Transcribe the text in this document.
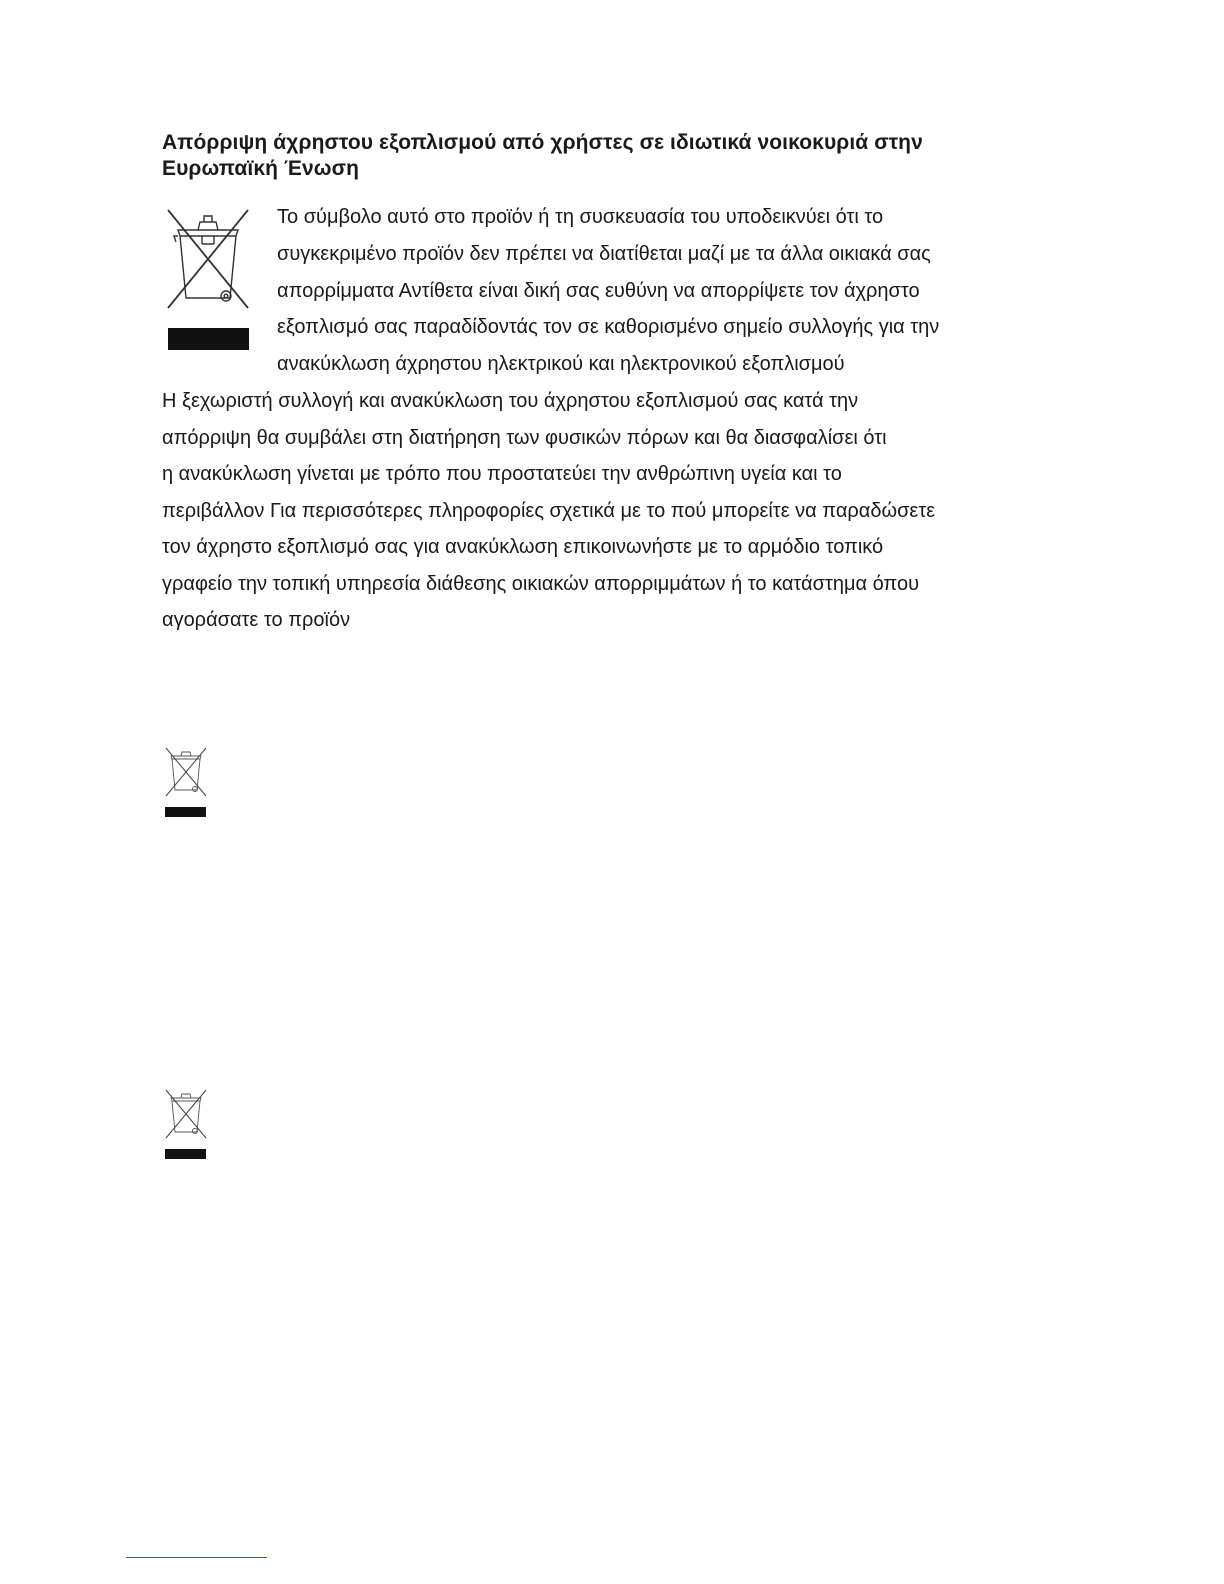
Απόρριψη άχρηστου εξοπλισμού από χρήστες σε ιδιωτικά νοικοκυριά στην
Ευρωπαϊκή Ένωση
Το σύμβολο αυτό στο προϊόν ή τη συσκευασία του υποδεικνύει ότι το
συγκεκριμένο προϊόν δεν πρέπει να διατίθεται μαζί με τα άλλα οικιακά σας
απορρίμματα Αντίθετα είναι δική σας ευθύνη να απορρίψετε τον άχρηστο
εξοπλισμό σας παραδίδοντάς τον σε καθορισμένο σημείο συλλογής για την
ανακύκλωση άχρηστου ηλεκτρικού και ηλεκτρονικού εξοπλισμού
Η ξεχωριστή συλλογή και ανακύκλωση του άχρηστου εξοπλισμού σας κατά την
απόρριψη θα συμβάλει στη διατήρηση των φυσικών πόρων και θα διασφαλίσει ότι
η ανακύκλωση γίνεται με τρόπο που προστατεύει την ανθρώπινη υγεία και το
περιβάλλον Για περισσότερες πληροφορίες σχετικά με το πού μπορείτε να παραδώσετε
τον άχρηστο εξοπλισμό σας για ανακύκλωση επικοινωνήστε με το αρμόδιο τοπικό
γραφείο την τοπική υπηρεσία διάθεσης οικιακών απορριμμάτων ή το κατάστημα όπου
αγοράσατε το προϊόν
